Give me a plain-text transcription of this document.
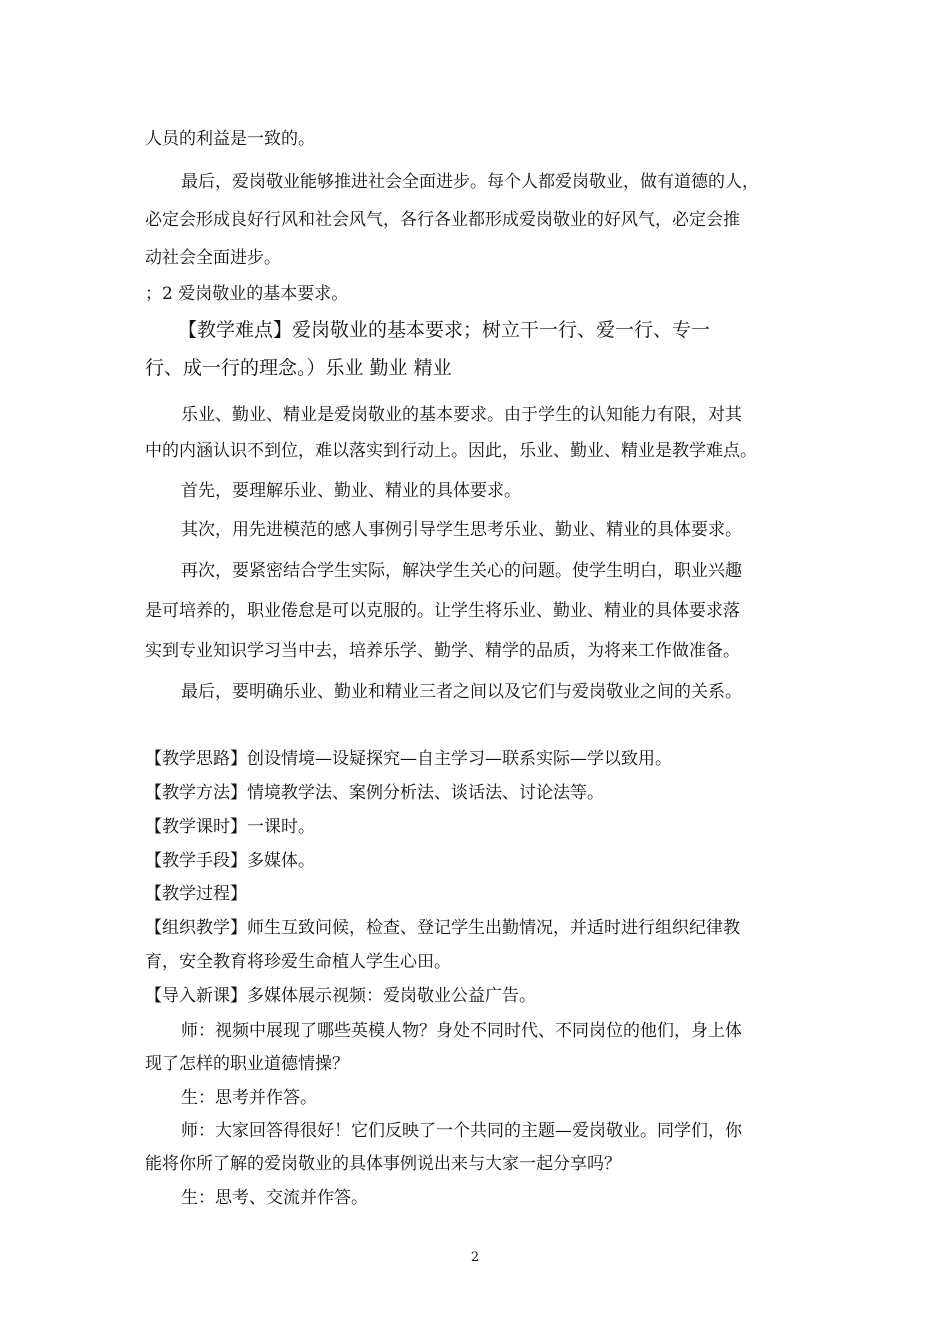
人员的利益是一致的。

最后，爱岗敬业能够推进社会全面进步。每个人都爱岗敬业，做有道德的人，

必定会形成良好行风和社会风气，各行各业都形成爱岗敬业的好风气，必定会推

动社会全面进步。

；2 爱岗敬业的基本要求。

【教学难点】爱岗敬业的基本要求；树立干一行、爱一行、专一

行、成一行的理念。）乐业 勤业 精业

乐业、勤业、精业是爱岗敬业的基本要求。由于学生的认知能力有限，对其

中的内涵认识不到位，难以落实到行动上。因此，乐业、勤业、精业是教学难点。

首先，要理解乐业、勤业、精业的具体要求。

其次，用先进模范的感人事例引导学生思考乐业、勤业、精业的具体要求。

再次，要紧密结合学生实际，解决学生关心的问题。使学生明白，职业兴趣

是可培养的，职业倦怠是可以克服的。让学生将乐业、勤业、精业的具体要求落

实到专业知识学习当中去，培养乐学、勤学、精学的品质，为将来工作做准备。

最后，要明确乐业、勤业和精业三者之间以及它们与爱岗敬业之间的关系。

【教学思路】创设情境—设疑探究—自主学习—联系实际—学以致用。

【教学方法】情境教学法、案例分析法、谈话法、讨论法等。

【教学课时】一课时。

【教学手段】多媒体。

【教学过程】

【组织教学】师生互致问候，检查、登记学生出勤情况，并适时进行组织纪律教

育，安全教育将珍爱生命植人学生心田。

【导入新课】多媒体展示视频：爱岗敬业公益广告。

师：视频中展现了哪些英模人物？身处不同时代、不同岗位的他们，身上体

现了怎样的职业道德情操？

生：思考并作答。

师：大家回答得很好！它们反映了一个共同的主题—爱岗敬业。同学们，你

能将你所了解的爱岗敬业的具体事例说出来与大家一起分享吗？

生：思考、交流并作答。

2
